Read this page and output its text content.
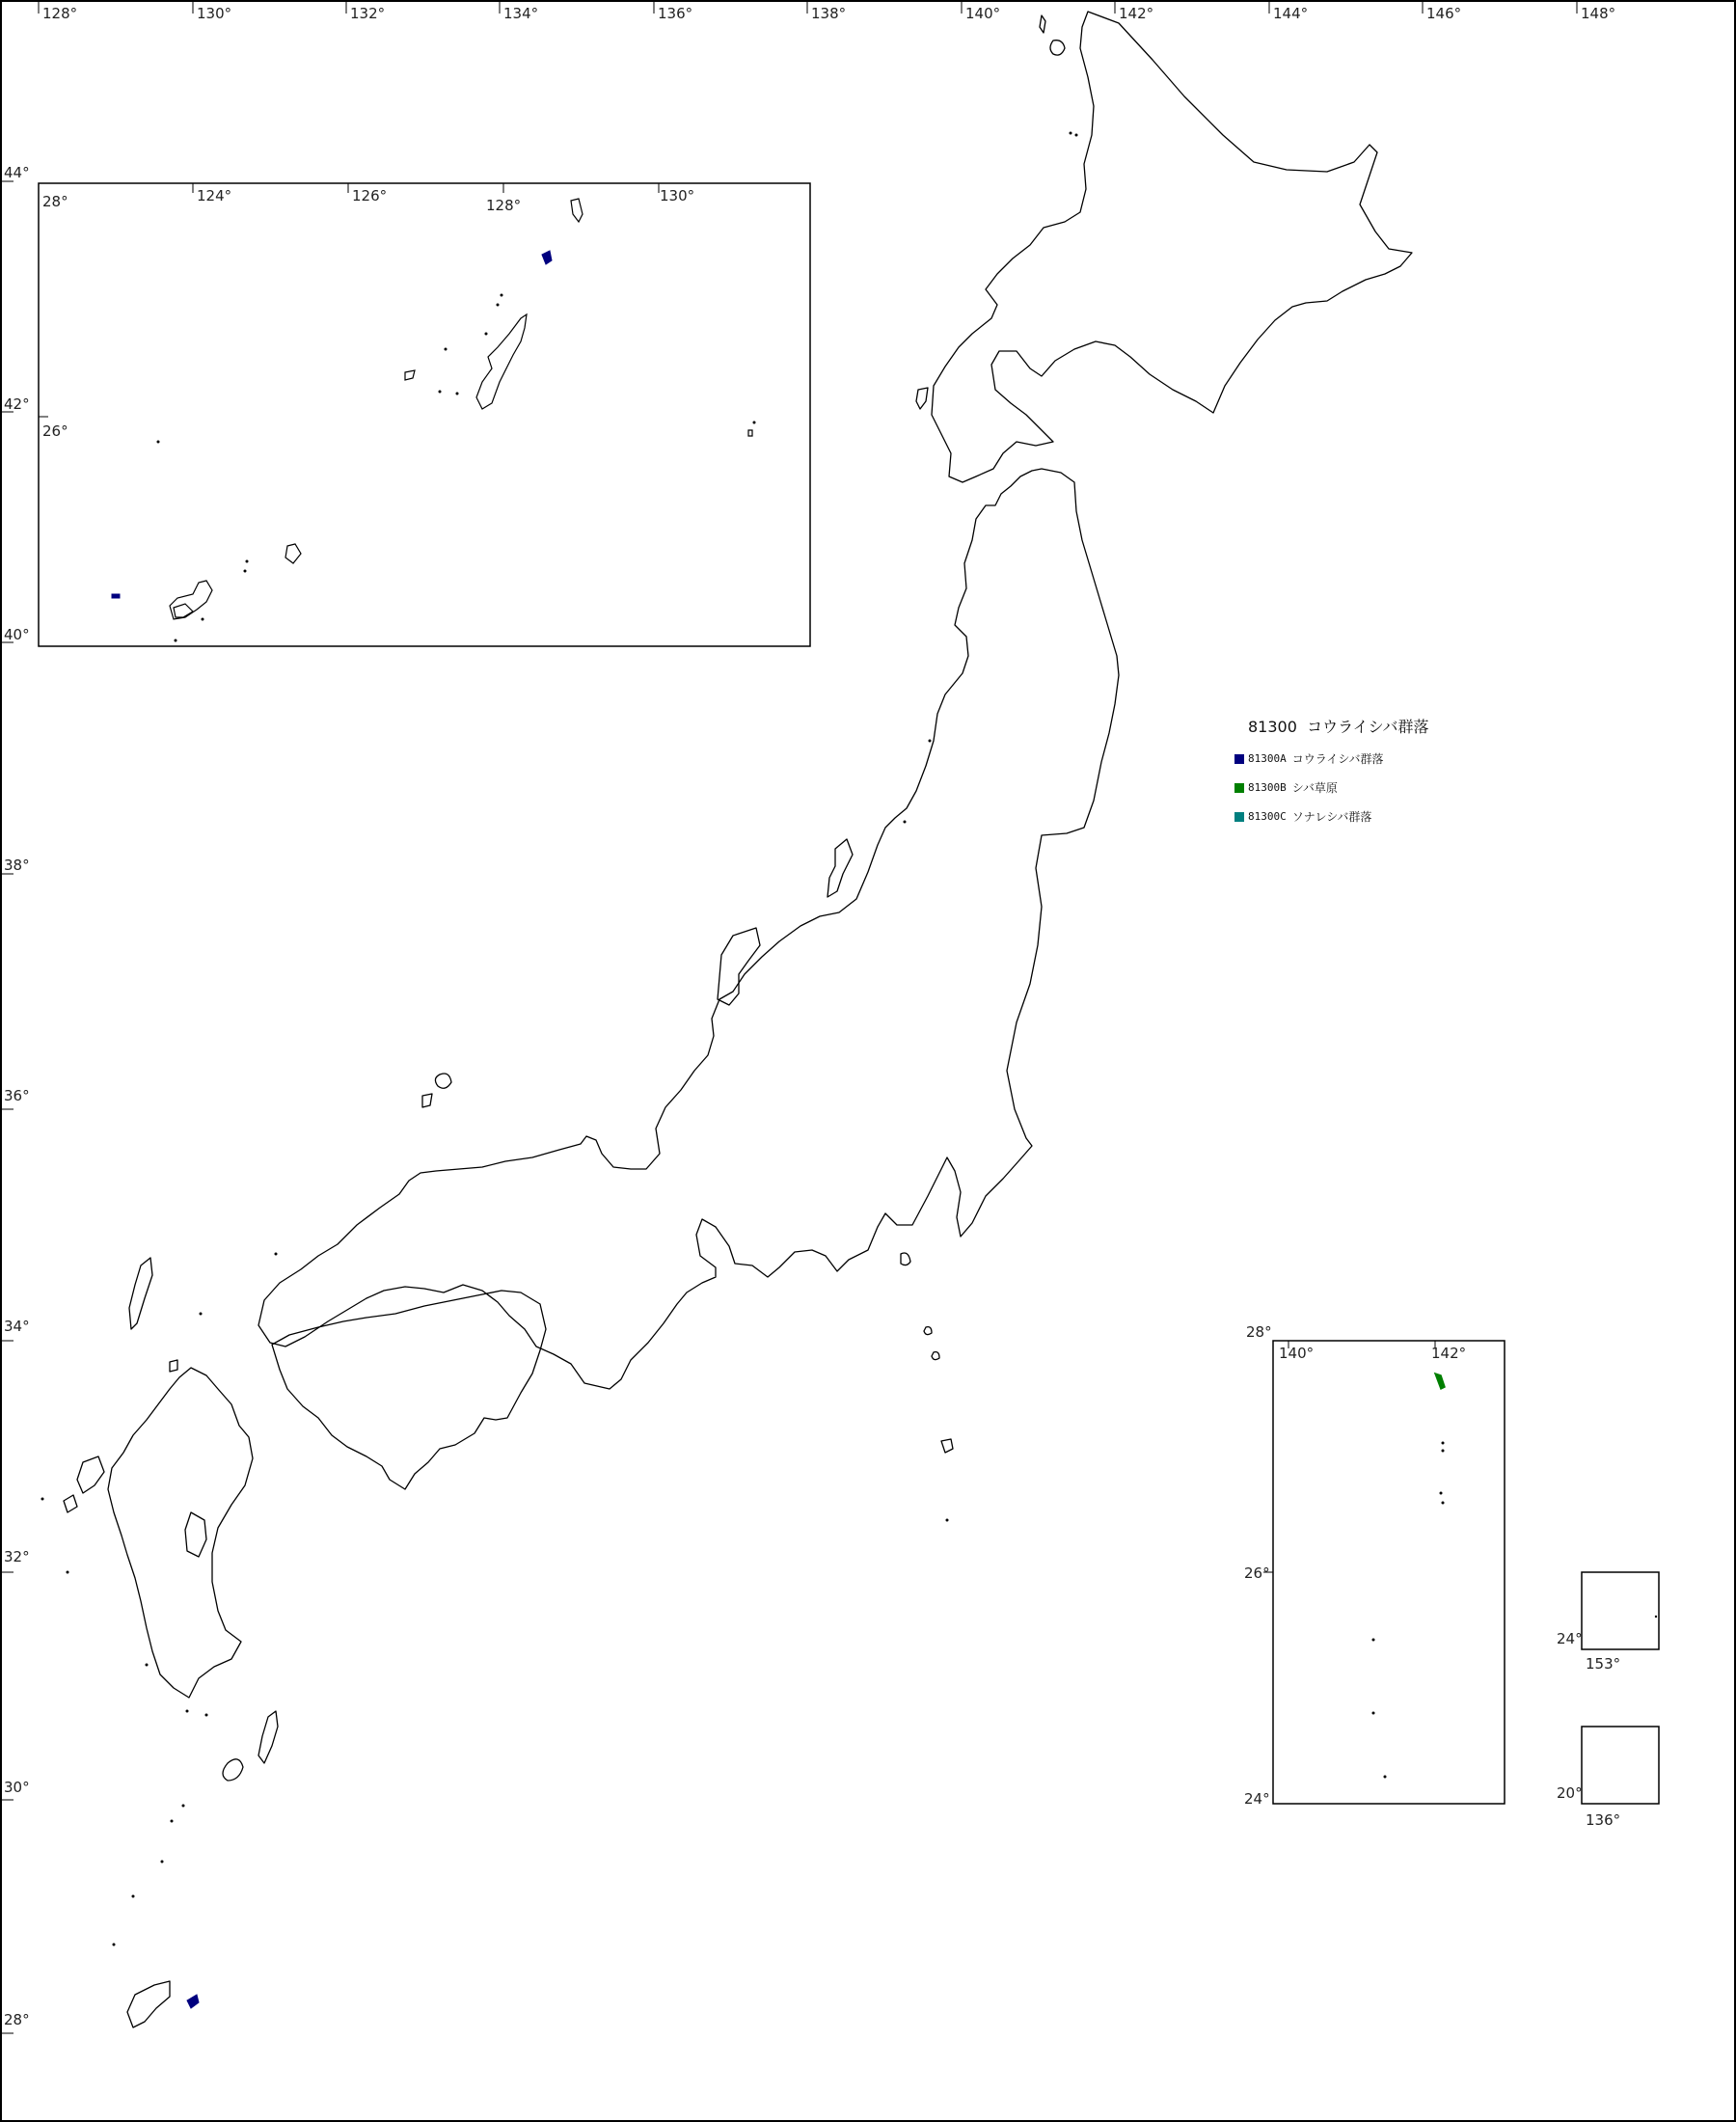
128°	130°	132°	134°	136°	138°	140°	142°	144°	146°	148°
44°
42°
40°
38°
36°
34°
32°
30°
28°
28°	124°	126°
128°
130°
26°
28°
140°	142°
26°
24°
24°
153°
20°
136°
81300 コウライシバ群落
81300A コウライシバ群落
81300B シバ草原
81300C ソナレシバ群落
